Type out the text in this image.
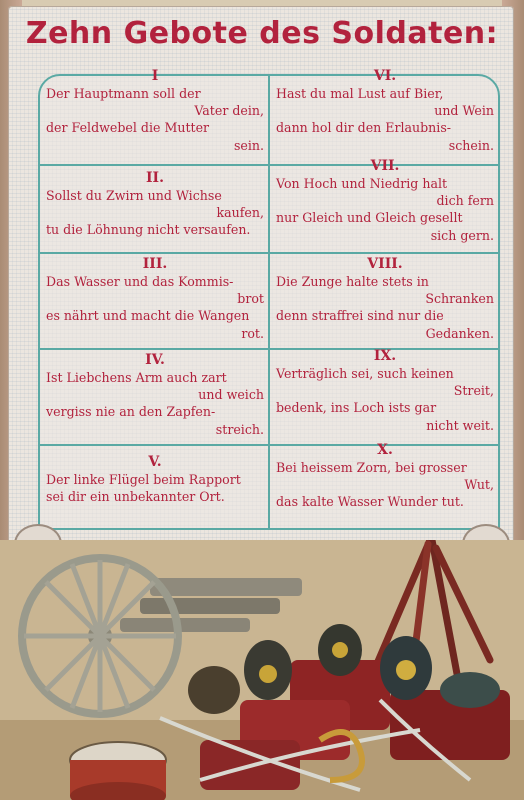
Zehn Gebote des Soldaten:
I
Der Hauptmann soll der
Vater dein,
der Feldwebel die Mutter
sein.
II.
Sollst du Zwirn und Wichse
kaufen,
tu die Löhnung nicht versaufen.
III.
Das Wasser und das Kommis-
brot
es nährt und macht die Wangen
rot.
IV.
Ist Liebchens Arm auch zart
und weich
vergiss nie an den Zapfen-
streich.
V.
Der linke Flügel beim Rapport
sei dir ein unbekannter Ort.
VI.
Hast du mal Lust auf Bier,
und Wein
dann hol dir den Erlaubnis-
schein.
VII.
Von Hoch und Niedrig halt
dich fern
nur Gleich und Gleich gesellt
sich gern.
VIII.
Die Zunge halte stets in
Schranken
denn straffrei sind nur die
Gedanken.
IX.
Verträglich sei, such keinen
Streit,
bedenk, ins Loch ists gar
nicht weit.
X.
Bei heissem Zorn, bei grosser
Wut,
das kalte Wasser Wunder tut.
